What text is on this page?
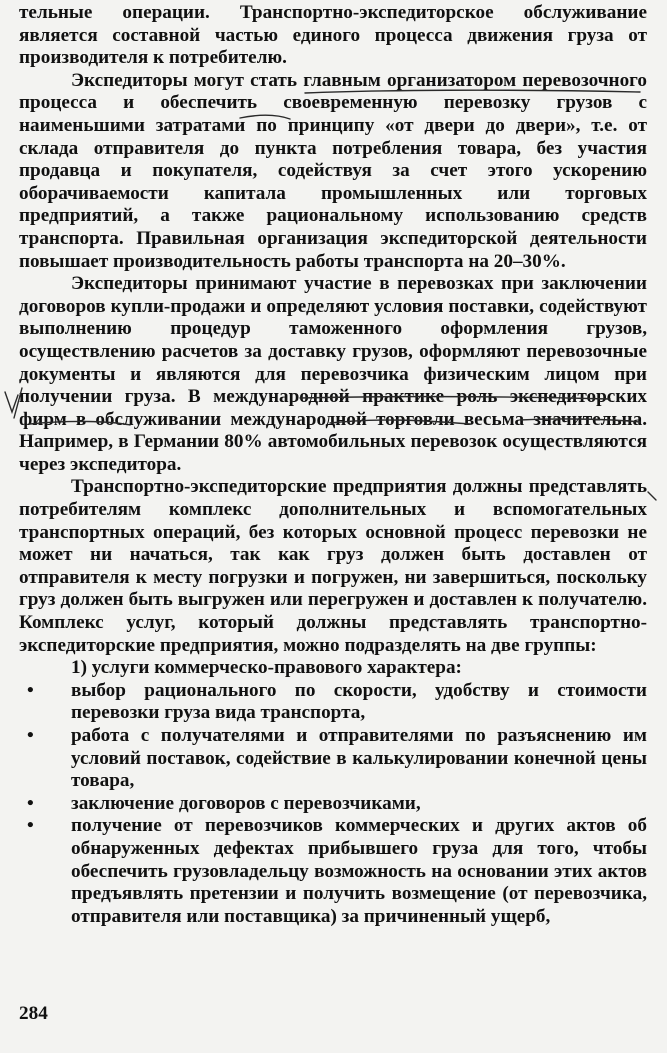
тельные операции. Транспортно-экспедиторское обслуживание является составной частью единого процесса движения груза от производителя к потребителю.

Экспедиторы могут стать главным организатором перевозочного процесса и обеспечить своевременную перевозку грузов с наименьшими затратами по принципу «от двери до двери», т.е. от склада отправителя до пункта потребления товара, без участия продавца и покупателя, содействуя за счет этого ускорению оборачиваемости капитала промышленных или торговых предприятий, а также рациональному использованию средств транспорта. Правильная организация экспедиторской деятельности повышает производительность работы транспорта на 20–30%.

Экспедиторы принимают участие в перевозках при заключении договоров купли-продажи и определяют условия поставки, содействуют выполнению процедур таможенного оформления грузов, осуществлению расчетов за доставку грузов, оформляют перевозочные документы и являются для перевозчика физическим лицом при получении груза. В международной практике роль экспедиторских фирм в обслуживании международной торговли весьма значительна. Например, в Германии 80% автомобильных перевозок осуществляются через экспедитора.

Транспортно-экспедиторские предприятия должны представлять потребителям комплекс дополнительных и вспомогательных транспортных операций, без которых основной процесс перевозки не может ни начаться, так как груз должен быть доставлен от отправителя к месту погрузки и погружен, ни завершиться, поскольку груз должен быть выгружен или перегружен и доставлен к получателю. Комплекс услуг, который должны представлять транспортно-экспедиторские предприятия, можно подразделять на две группы:

1) услуги коммерческо-правового характера:
• выбор рационального по скорости, удобству и стоимости перевозки груза вида транспорта,
• работа с получателями и отправителями по разъяснению им условий поставок, содействие в калькулировании конечной цены товара,
• заключение договоров с перевозчиками,
• получение от перевозчиков коммерческих и других актов об обнаруженных дефектах прибывшего груза для того, чтобы обеспечить грузовладельцу возможность на основании этих актов предъявлять претензии и получить возмещение (от перевозчика, отправителя или поставщика) за причиненный ущерб,
284
